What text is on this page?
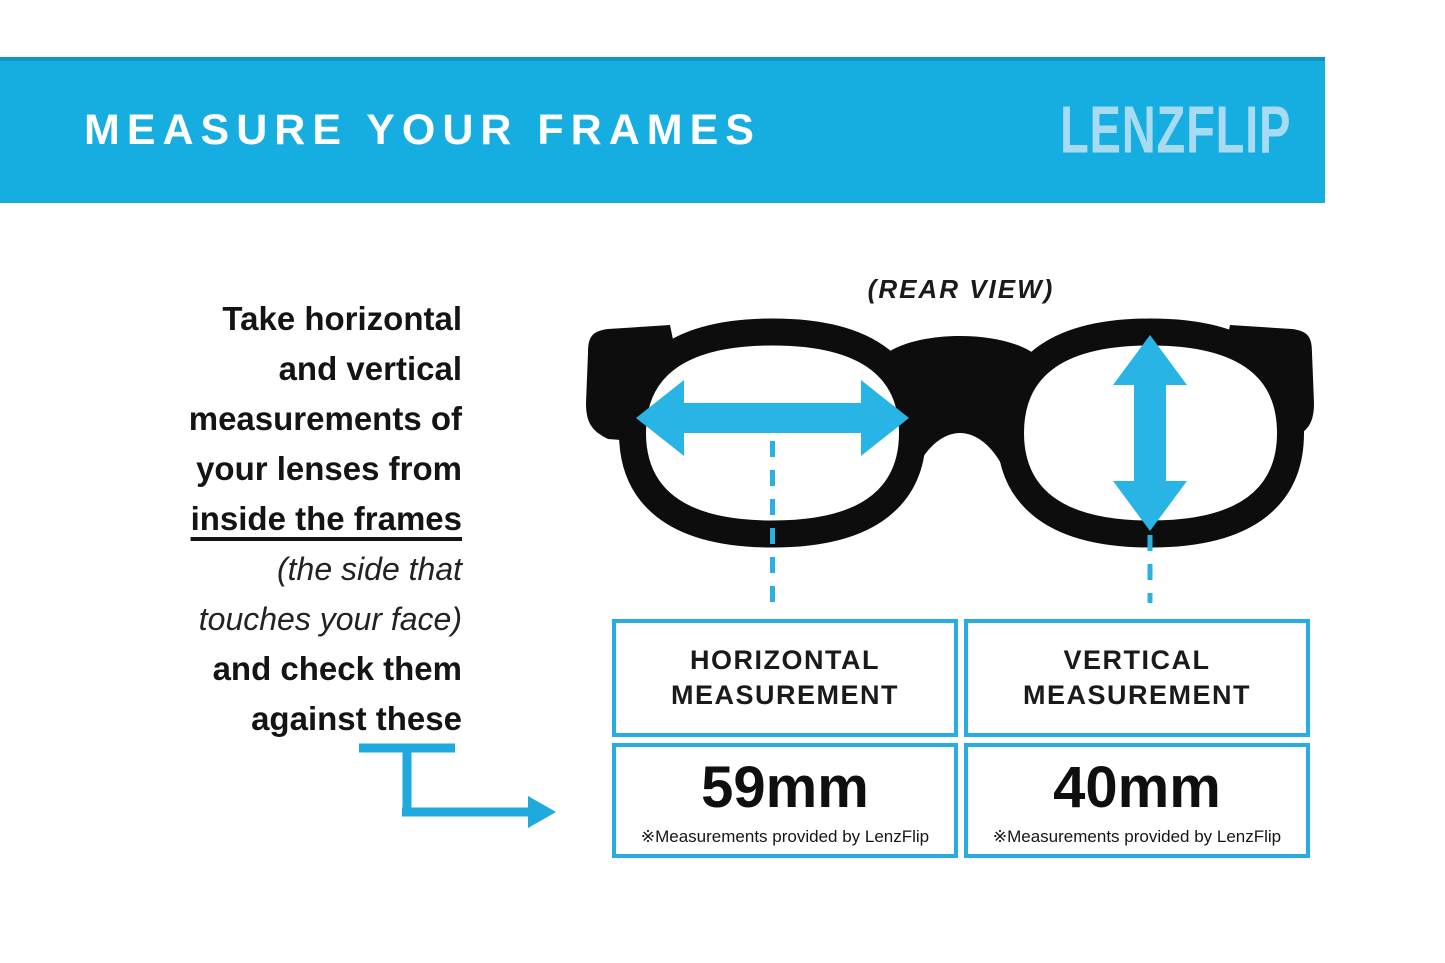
MEASURE YOUR FRAMES	LENZFLIP
Take horizontal
and vertical
measurements of
your lenses from
inside the frames
(the side that
touches your face)
and check them
against these
(REAR VIEW)
HORIZONTAL
MEASUREMENT
VERTICAL
MEASUREMENT
59mm
※Measurements provided by LenzFlip
40mm
※Measurements provided by LenzFlip
